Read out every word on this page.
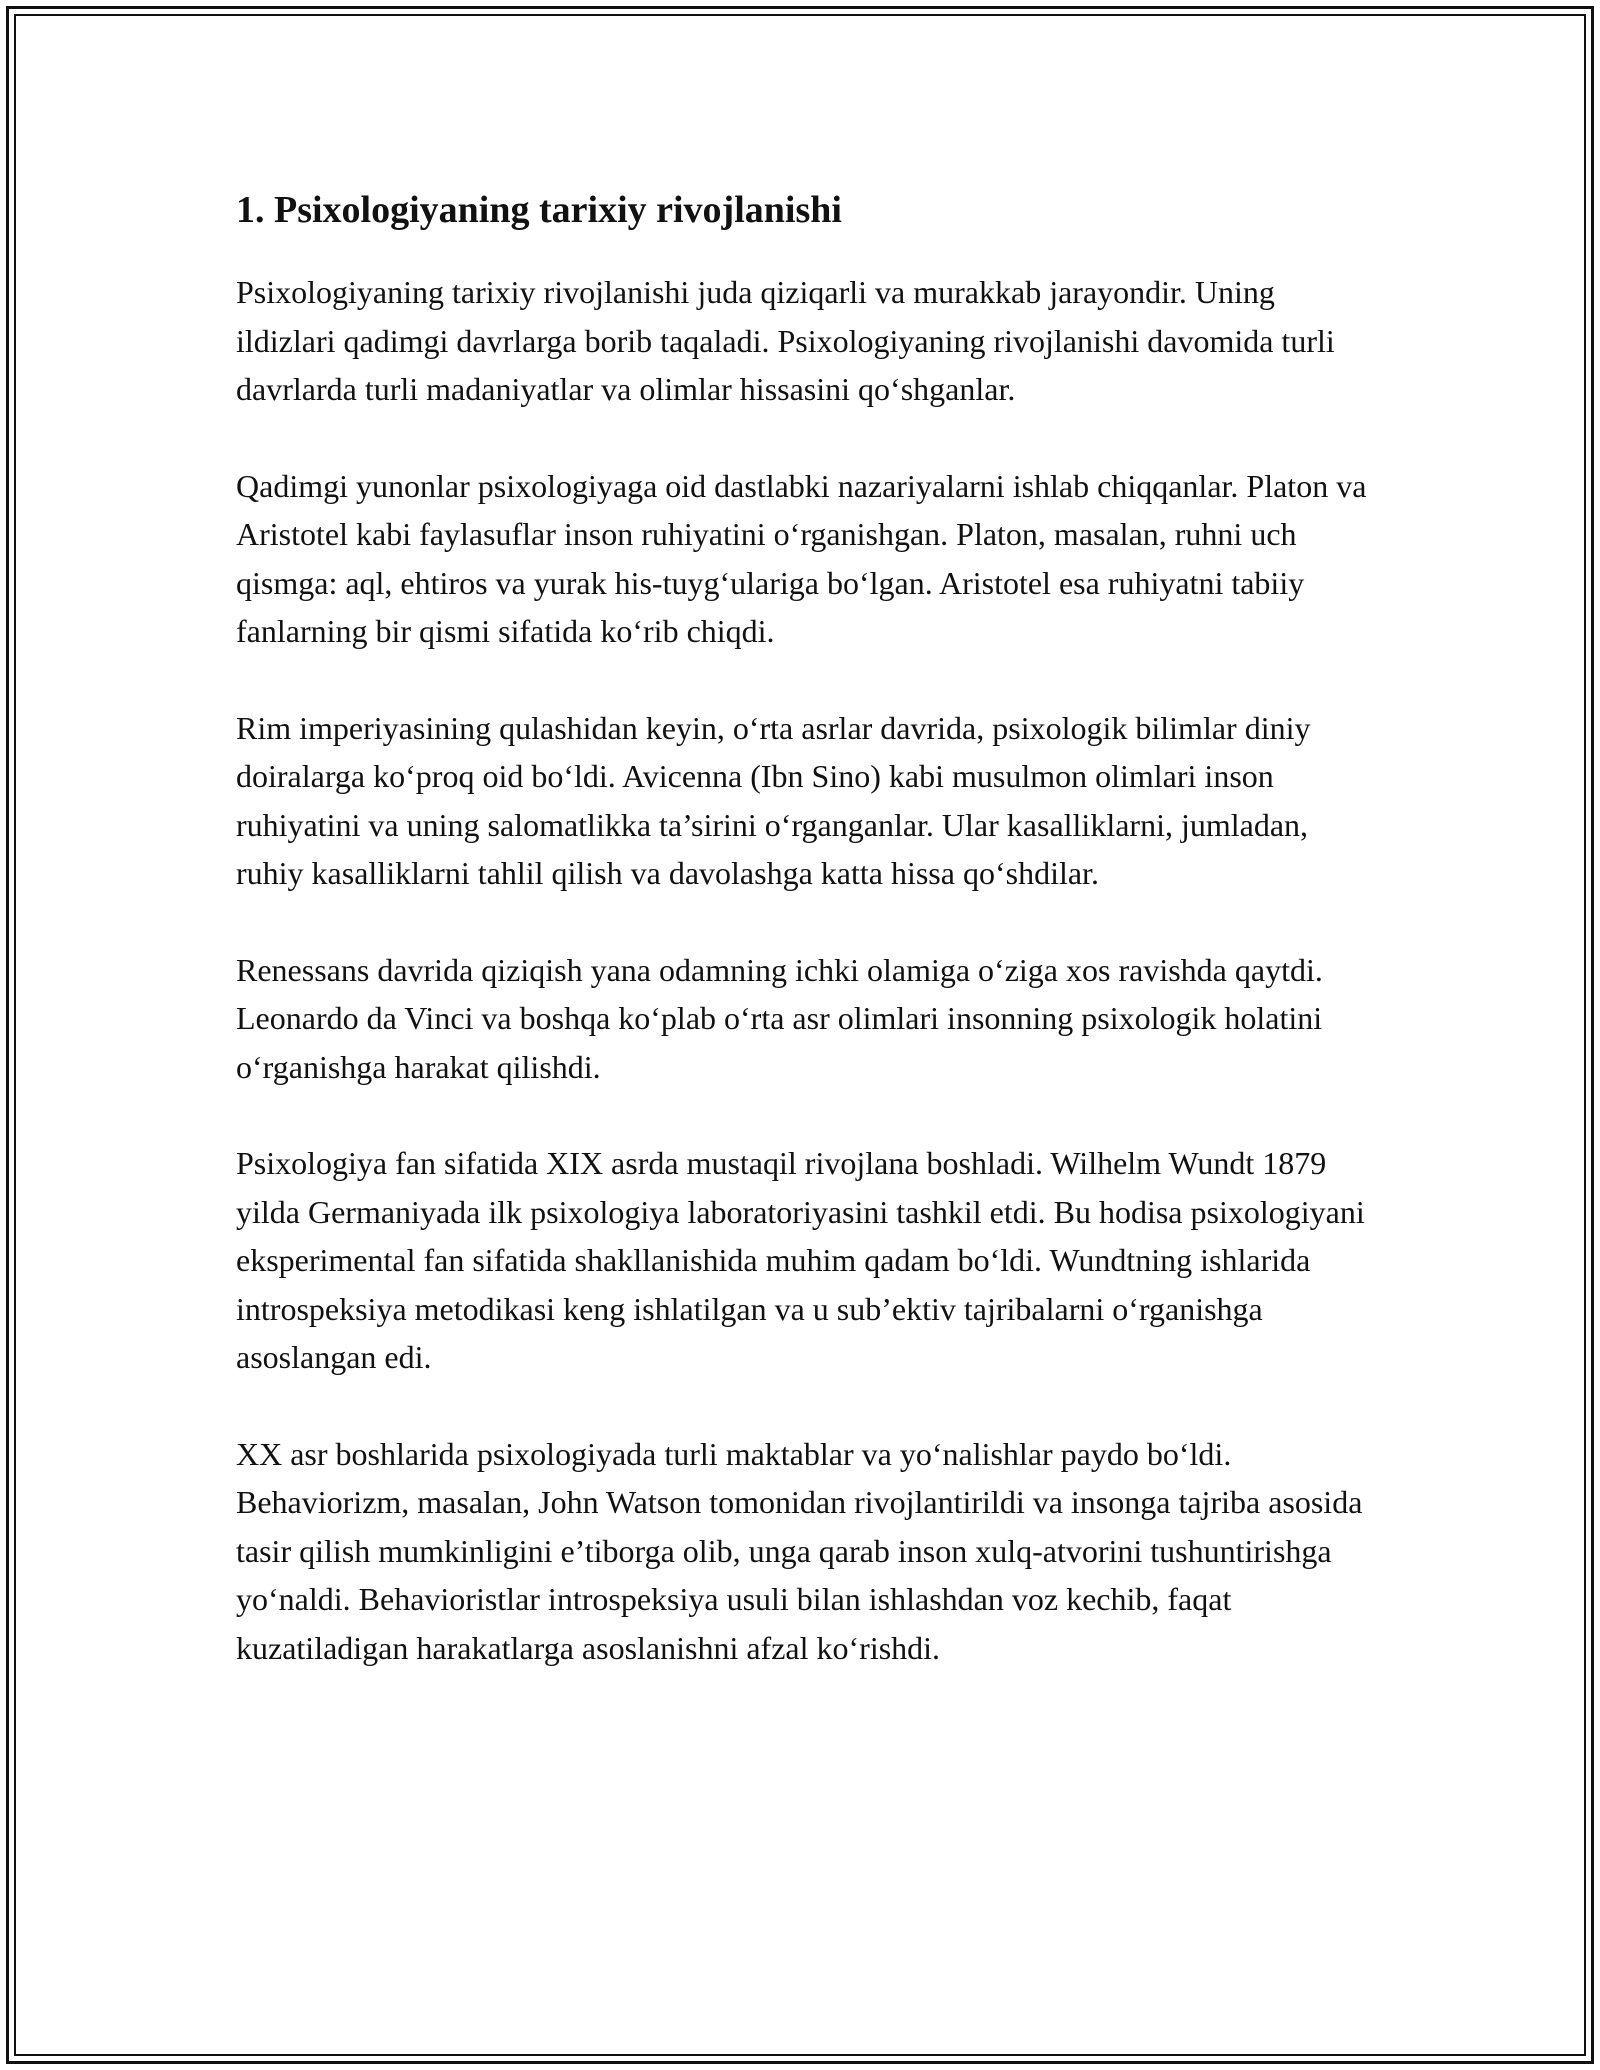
1. Psixologiyaning tarixiy rivojlanishi

Psixologiyaning tarixiy rivojlanishi juda qiziqarli va murakkab jarayondir. Uning ildizlari qadimgi davrlarga borib taqaladi. Psixologiyaning rivojlanishi davomida turli davrlarda turli madaniyatlar va olimlar hissasini qo‘shganlar.

Qadimgi yunonlar psixologiyaga oid dastlabki nazariyalarni ishlab chiqqanlar. Platon va Aristotel kabi faylasuflar inson ruhiyatini o‘rganishgan. Platon, masalan, ruhni uch qismga: aql, ehtiros va yurak his-tuyg‘ulariga bo‘lgan. Aristotel esa ruhiyatni tabiiy fanlarning bir qismi sifatida ko‘rib chiqdi.

Rim imperiyasining qulashidan keyin, o‘rta asrlar davrida, psixologik bilimlar diniy doiralarga ko‘proq oid bo‘ldi. Avicenna (Ibn Sino) kabi musulmon olimlari inson ruhiyatini va uning salomatlikka ta’sirini o‘rganganlar. Ular kasalliklarni, jumladan, ruhiy kasalliklarni tahlil qilish va davolashga katta hissa qo‘shdilar.

Renessans davrida qiziqish yana odamning ichki olamiga o‘ziga xos ravishda qaytdi. Leonardo da Vinci va boshqa ko‘plab o‘rta asr olimlari insonning psixologik holatini o‘rganishga harakat qilishdi.

Psixologiya fan sifatida XIX asrda mustaqil rivojlana boshladi. Wilhelm Wundt 1879 yilda Germaniyada ilk psixologiya laboratoriyasini tashkil etdi. Bu hodisa psixologiyani eksperimental fan sifatida shakllanishida muhim qadam bo‘ldi. Wundtning ishlarida introspeksiya metodikasi keng ishlatilgan va u sub’ektiv tajribalarni o‘rganishga asoslangan edi.

XX asr boshlarida psixologiyada turli maktablar va yo‘nalishlar paydo bo‘ldi. Behaviorizm, masalan, John Watson tomonidan rivojlantirildi va insonga tajriba asosida tasir qilish mumkinligini e’tiborga olib, unga qarab inson xulq-atvorini tushuntirishga yo‘naldi. Behavioristlar introspeksiya usuli bilan ishlashdan voz kechib, faqat kuzatiladigan harakatlarga asoslanishni afzal ko‘rishdi.
